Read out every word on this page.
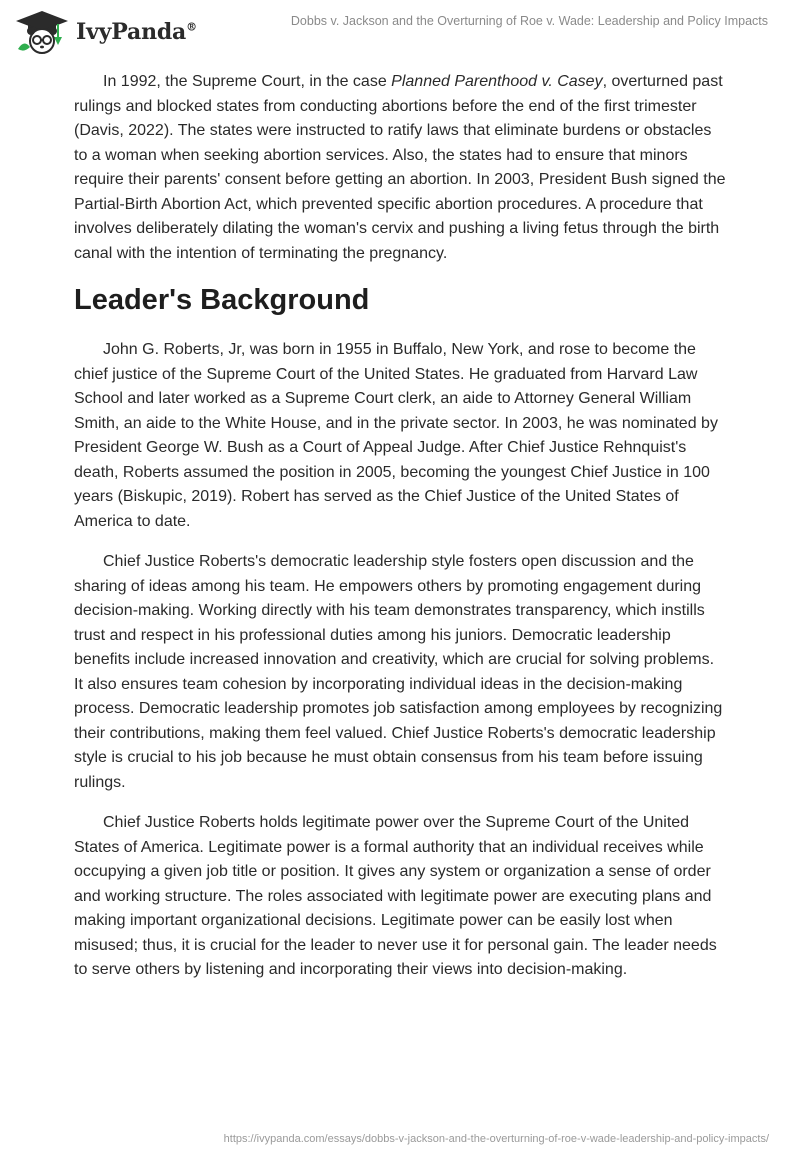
IvyPanda®	Dobbs v. Jackson and the Overturning of Roe v. Wade: Leadership and Policy Impacts

In 1992, the Supreme Court, in the case Planned Parenthood v. Casey, overturned past rulings and blocked states from conducting abortions before the end of the first trimester (Davis, 2022). The states were instructed to ratify laws that eliminate burdens or obstacles to a woman when seeking abortion services. Also, the states had to ensure that minors require their parents' consent before getting an abortion. In 2003, President Bush signed the Partial-Birth Abortion Act, which prevented specific abortion procedures. A procedure that involves deliberately dilating the woman's cervix and pushing a living fetus through the birth canal with the intention of terminating the pregnancy.

Leader's Background

John G. Roberts, Jr, was born in 1955 in Buffalo, New York, and rose to become the chief justice of the Supreme Court of the United States. He graduated from Harvard Law School and later worked as a Supreme Court clerk, an aide to Attorney General William Smith, an aide to the White House, and in the private sector. In 2003, he was nominated by President George W. Bush as a Court of Appeal Judge. After Chief Justice Rehnquist's death, Roberts assumed the position in 2005, becoming the youngest Chief Justice in 100 years (Biskupic, 2019). Robert has served as the Chief Justice of the United States of America to date.

Chief Justice Roberts's democratic leadership style fosters open discussion and the sharing of ideas among his team. He empowers others by promoting engagement during decision-making. Working directly with his team demonstrates transparency, which instills trust and respect in his professional duties among his juniors. Democratic leadership benefits include increased innovation and creativity, which are crucial for solving problems. It also ensures team cohesion by incorporating individual ideas in the decision-making process. Democratic leadership promotes job satisfaction among employees by recognizing their contributions, making them feel valued. Chief Justice Roberts's democratic leadership style is crucial to his job because he must obtain consensus from his team before issuing rulings.

Chief Justice Roberts holds legitimate power over the Supreme Court of the United States of America. Legitimate power is a formal authority that an individual receives while occupying a given job title or position. It gives any system or organization a sense of order and working structure. The roles associated with legitimate power are executing plans and making important organizational decisions. Legitimate power can be easily lost when misused; thus, it is crucial for the leader to never use it for personal gain. The leader needs to serve others by listening and incorporating their views into decision-making.

https://ivypanda.com/essays/dobbs-v-jackson-and-the-overturning-of-roe-v-wade-leadership-and-policy-impacts/
